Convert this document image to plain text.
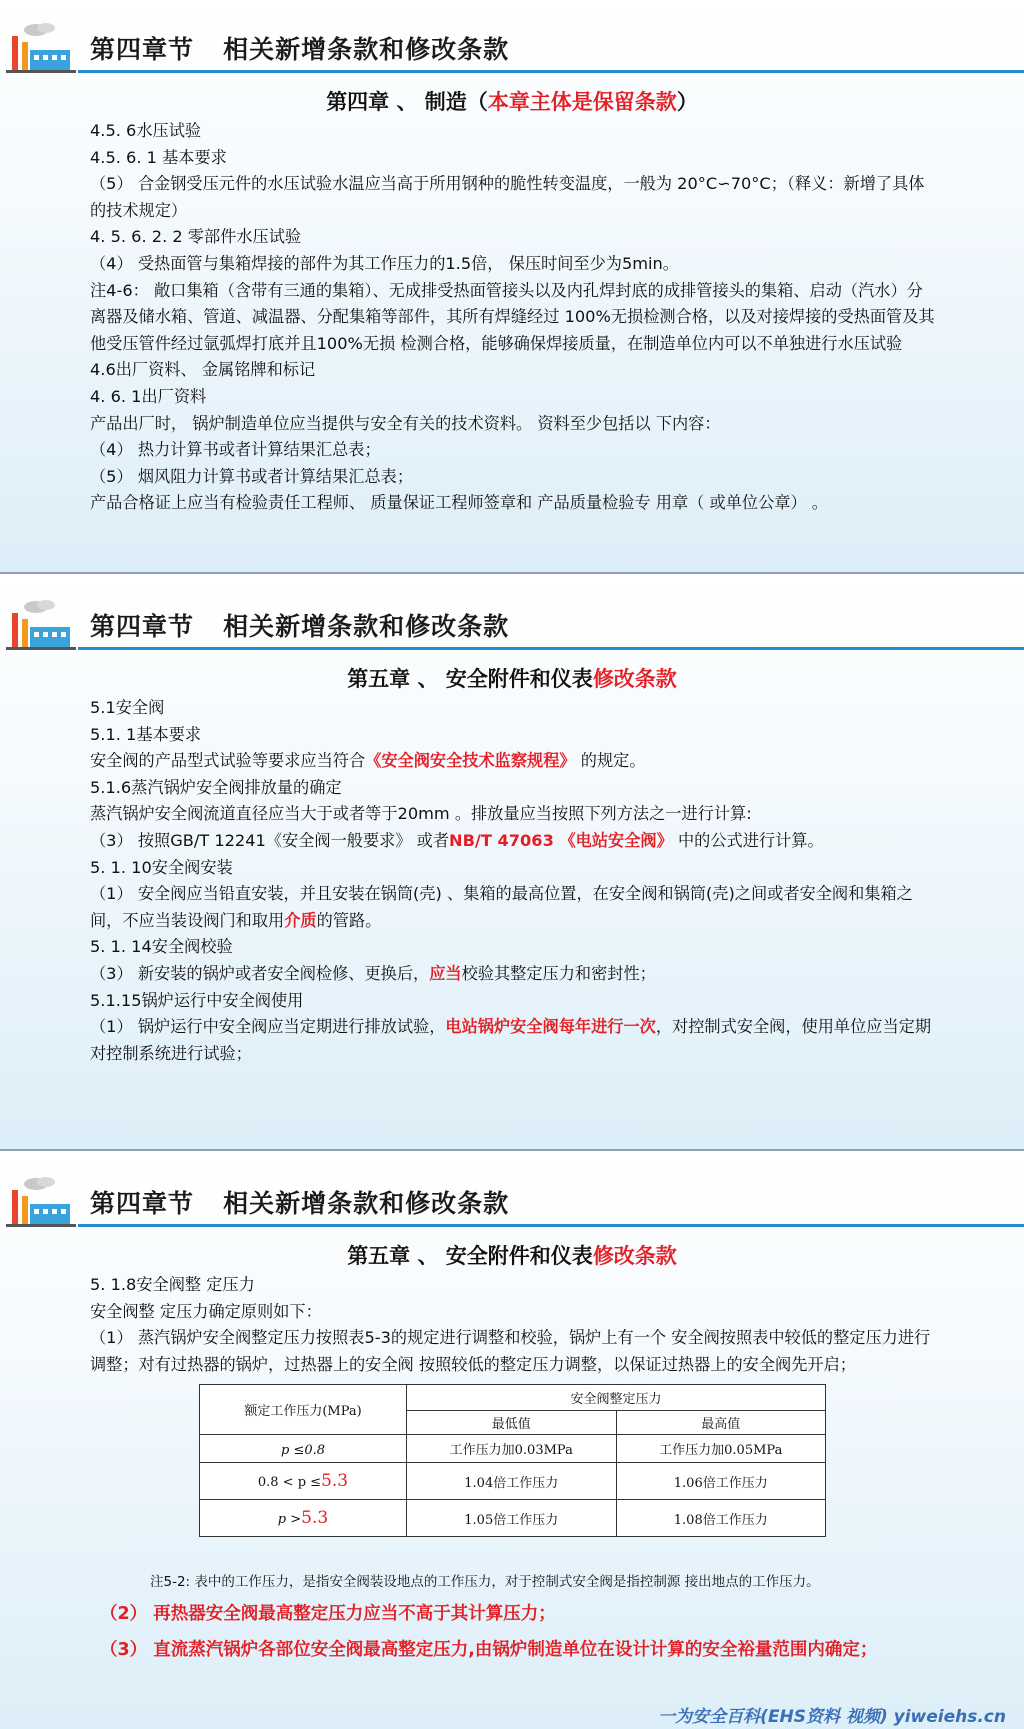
第四章节   相关新增条款和修改条款
第四章 、 制造（本章主体是保留条款）

4.5. 6水压试验

4.5. 6. 1 基本要求

（5） 合金钢受压元件的水压试验水温应当高于所用钢种的脆性转变温度，一般为 20°C∽70°C；（释义：新增了具体的技术规定）

4. 5. 6. 2. 2 零部件水压试验

（4） 受热面管与集箱焊接的部件为其工作压力的1.5倍， 保压时间至少为5min。

注4-6： 敞口集箱（含带有三通的集箱）、无成排受热面管接头以及内孔焊封底的成排管接头的集箱、启动（汽水）分离器及储水箱、管道、减温器、分配集箱等部件，其所有焊缝经过 100%无损检测合格，以及对接焊接的受热面管及其他受压管件经过氩弧焊打底并且100%无损 检测合格，能够确保焊接质量，在制造单位内可以不单独进行水压试验

4.6出厂资料、 金属铭牌和标记

4. 6. 1出厂资料

产品出厂时， 锅炉制造单位应当提供与安全有关的技术资料。 资料至少包括以 下内容：

（4） 热力计算书或者计算结果汇总表；

（5） 烟风阻力计算书或者计算结果汇总表；

产品合格证上应当有检验责任工程师、 质量保证工程师签章和 产品质量检验专 用章（ 或单位公章） 。

第四章节   相关新增条款和修改条款
第五章 、 安全附件和仪表修改条款

5.1安全阀

5.1. 1基本要求

安全阀的产品型式试验等要求应当符合《安全阀安全技术监察规程》 的规定。

5.1.6蒸汽锅炉安全阀排放量的确定

蒸汽锅炉安全阀流道直径应当大于或者等于20mm 。排放量应当按照下列方法之一进行计算:

（3） 按照GB/T 12241《安全阀一般要求》 或者NB/T 47063 《电站安全阀》 中的公式进行计算。

5. 1. 10安全阀安装

（1） 安全阀应当铅直安装，并且安装在锅筒(壳) 、集箱的最高位置，在安全阀和锅筒(壳)之间或者安全阀和集箱之间，不应当装设阀门和取用介质的管路。

5. 1. 14安全阀校验

（3） 新安装的锅炉或者安全阀检修、更换后，应当校验其整定压力和密封性；

5.1.15锅炉运行中安全阀使用

（1） 锅炉运行中安全阀应当定期进行排放试验，电站锅炉安全阀每年进行一次，对控制式安全阀，使用单位应当定期对控制系统进行试验；

第四章节   相关新增条款和修改条款
第五章 、 安全附件和仪表修改条款

5. 1.8安全阀整 定压力

安全阀整 定压力确定原则如下：

（1） 蒸汽锅炉安全阀整定压力按照表5-3的规定进行调整和校验，锅炉上有一个 安全阀按照表中较低的整定压力进行调整；对有过热器的锅炉，过热器上的安全阀 按照较低的整定压力调整，以保证过热器上的安全阀先开启；

额定工作压力(MPa)	安全阀整定压力	
	最低值	最高值
p ≤0.8	工作压力加0.03MPa	工作压力加0.05MPa
0.8 < p ≤5.3	1.04倍工作压力	1.06倍工作压力
p >5.3	1.05倍工作压力	1.08倍工作压力
注5-2: 表中的工作压力，是指安全阀装设地点的工作压力，对于控制式安全阀是指控制源 接出地点的工作压力。
（2） 再热器安全阀最高整定压力应当不高于其计算压力；
（3） 直流蒸汽锅炉各部位安全阀最高整定压力,由锅炉制造单位在设计计算的安全裕量范围内确定；
一为安全百科(EHS资料 视频) yiweiehs.cn
